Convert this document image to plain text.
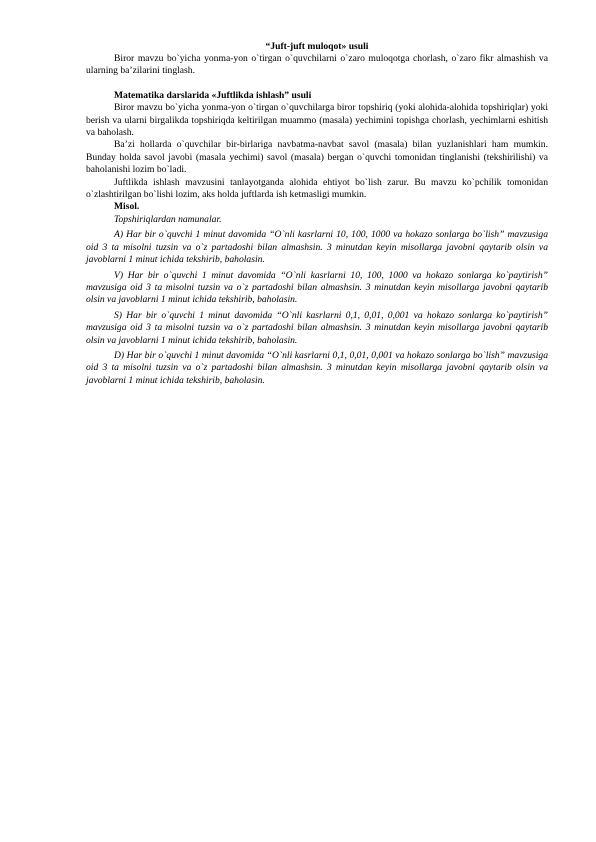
“Juft-juft muloqot» usuli

Biror mavzu bo`yicha yonma-yon o`tirgan o`quvchilarni o`zaro muloqotga chorlash, o`zaro fikr almashish va ularning ba’zilarini tinglash.

Matematika darslarida «Juftlikda ishlash” usuli

Biror mavzu bo`yicha yonma-yon o`tirgan o`quvchilarga biror topshiriq (yoki alohida-alohida topshiriqlar) yoki berish va ularni birgalikda topshiriqda keltirilgan muammo (masala) yechimini topishga chorlash, yechimlarni eshitish va baholash.

Ba’zi hollarda o`quvchilar bir-birlariga navbatma-navbat savol (masala) bilan yuzlanishlari ham mumkin. Bunday holda savol javobi (masala yechimi) savol (masala) bergan o`quvchi tomonidan tinglanishi (tekshirilishi) va baholanishi lozim bo`ladi.

Juftlikda ishlash mavzusini tanlayotganda alohida ehtiyot bo`lish zarur. Bu mavzu ko`pchilik tomonidan o`zlashtirilgan bo`lishi lozim, aks holda juftlarda ish ketmasligi mumkin.

Misol.

Topshiriqlardan namunalar.

A) Har bir o`quvchi 1 minut davomida “O`nli kasrlarni 10, 100, 1000 va hokazo sonlarga bo`lish” mavzusiga oid 3 ta misolni tuzsin va o`z partadoshi bilan almashsin. 3 minutdan keyin misollarga javobni qaytarib olsin va javoblarni 1 minut ichida tekshirib, baholasin.

V) Har bir o`quvchi 1 minut davomida “O`nli kasrlarni 10, 100, 1000 va hokazo sonlarga ko`paytirish” mavzusiga oid 3 ta misolni tuzsin va o`z partadoshi bilan almashsin. 3 minutdan keyin misollarga javobni qaytarib olsin va javoblarni 1 minut ichida tekshirib, baholasin.

S) Har bir o`quvchi 1 minut davomida “O`nli kasrlarni 0,1, 0,01, 0,001 va hokazo sonlarga ko`paytirish” mavzusiga oid 3 ta misolni tuzsin va o`z partadoshi bilan almashsin. 3 minutdan keyin misollarga javobni qaytarib olsin va javoblarni 1 minut ichida tekshirib, baholasin.

D) Har bir o`quvchi 1 minut davomida “O`nli kasrlarni 0,1, 0,01, 0,001 va hokazo sonlarga bo`lish” mavzusiga oid 3 ta misolni tuzsin va o`z partadoshi bilan almashsin. 3 minutdan keyin misollarga javobni qaytarib olsin va javoblarni 1 minut ichida tekshirib, baholasin.
